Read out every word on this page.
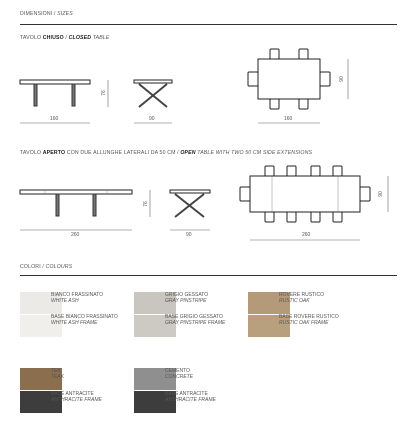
DIMENSIONI / SIZES
TAVOLO CHIUSO / CLOSED TABLE
160
76
90	160
90
TAVOLO APERTO CON DUE ALLUNGHE LATERALI DA 50 CM / OPEN TABLE WITH TWO 50 CM SIDE EXTENSIONS
260
76
90	260
90
COLORI / COLOURS
BIANCO FRASSINATO
WHITE ASH
BASE BIANCO FRASSINATO
WHITE ASH FRAME
GRIGIO GESSATO
GRAY PINSTRIPE
BASE GRIGIO GESSATO
GRAY PINSTRIPE FRAME
ROVERE RUSTICO
RUSTIC OAK
BASE ROVERE RUSTICO
RUSTIC OAK FRAME
TEK
TEAK
BASE ANTRACITE
ANTHRACITE FRAME
CEMENTO
CONCRETE
BASE ANTRACITE
ANTHRACITE FRAME
